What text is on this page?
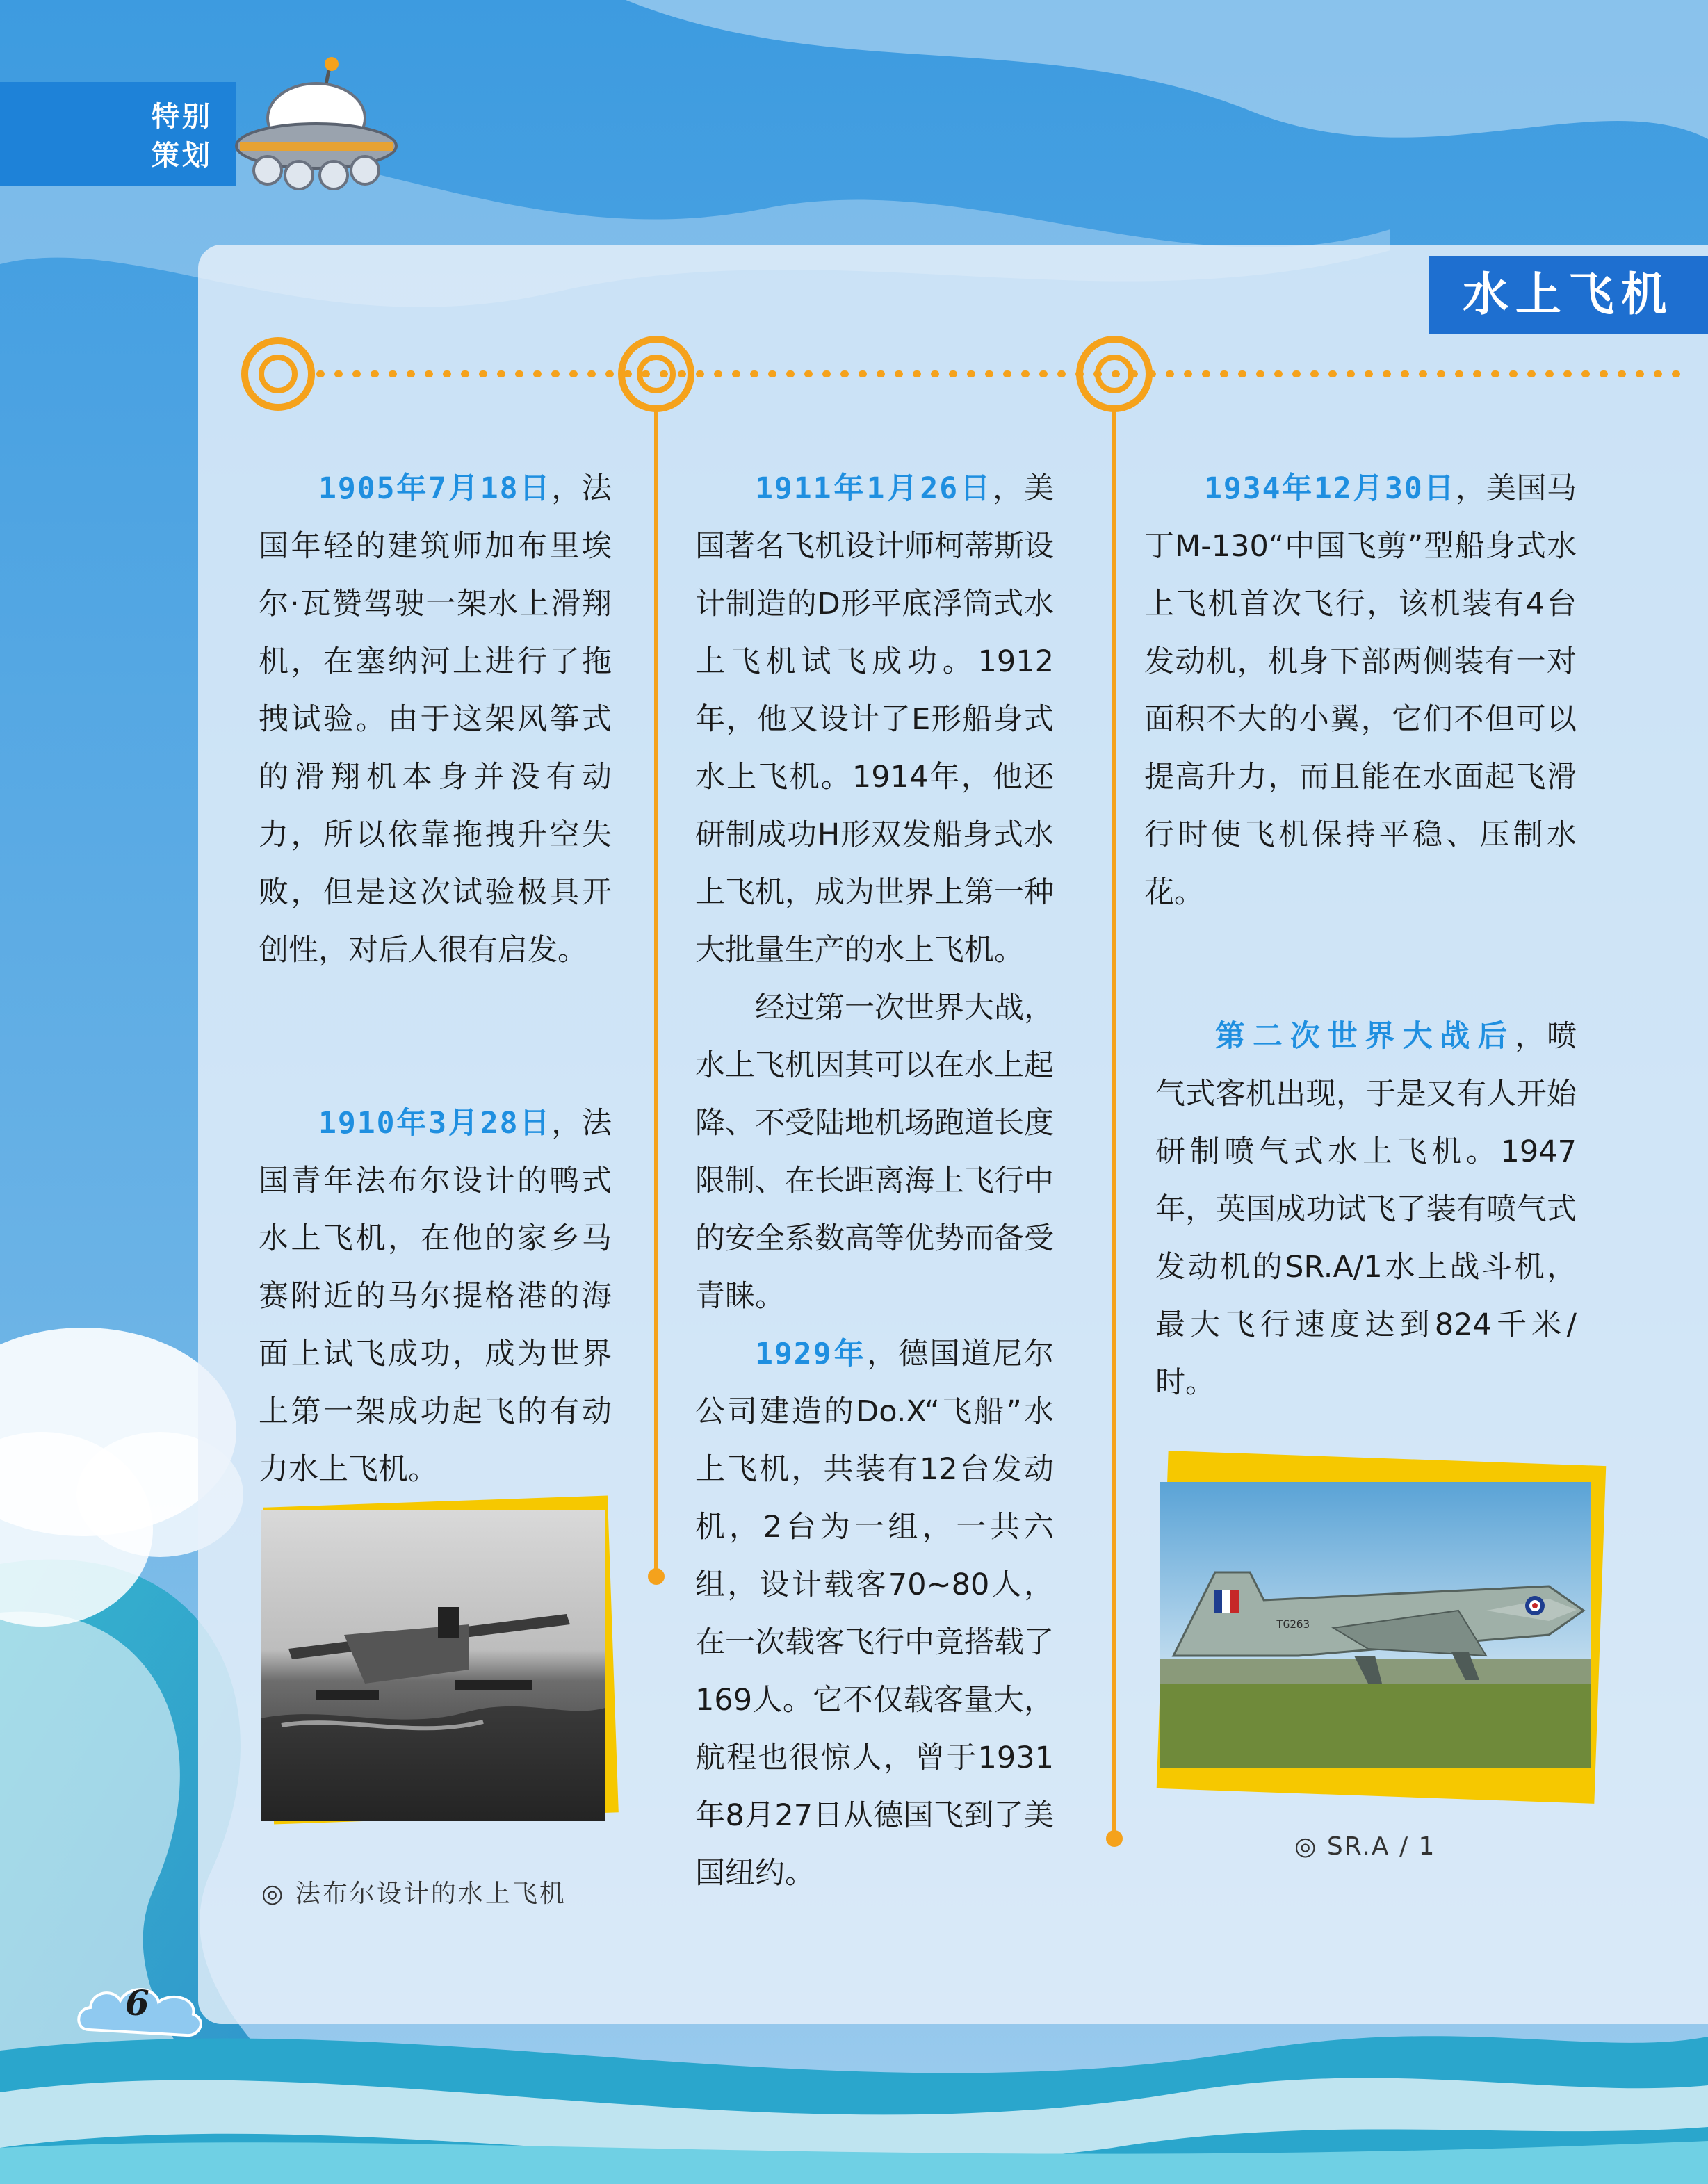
特别
策划
水上飞机

1905年7月18日，法国年轻的建筑师加布里埃尔·瓦赞驾驶一架水上滑翔机，在塞纳河上进行了拖拽试验。由于这架风筝式的滑翔机本身并没有动力，所以依靠拖拽升空失败，但是这次试验极具开创性，对后人很有启发。

1910年3月28日，法国青年法布尔设计的鸭式水上飞机，在他的家乡马赛附近的马尔提格港的海面上试飞成功，成为世界上第一架成功起飞的有动力水上飞机。

◎ 法布尔设计的水上飞机

1911年1月26日，美国著名飞机设计师柯蒂斯设计制造的D形平底浮筒式水上飞机试飞成功。1912年，他又设计了E形船身式水上飞机。1914年，他还研制成功H形双发船身式水上飞机，成为世界上第一种大批量生产的水上飞机。

经过第一次世界大战，水上飞机因其可以在水上起降、不受陆地机场跑道长度限制、在长距离海上飞行中的安全系数高等优势而备受青睐。

1929年，德国道尼尔公司建造的Do.X“飞船”水上飞机，共装有12台发动机，2台为一组，一共六组，设计载客70~80人，在一次载客飞行中竟搭载了169人。它不仅载客量大，航程也很惊人，曾于1931年8月27日从德国飞到了美国纽约。

1934年12月30日，美国马丁M-130“中国飞剪”型船身式水上飞机首次飞行，该机装有4台发动机，机身下部两侧装有一对面积不大的小翼，它们不但可以提高升力，而且能在水面起飞滑行时使飞机保持平稳、压制水花。

第二次世界大战后，喷气式客机出现，于是又有人开始研制喷气式水上飞机。1947年，英国成功试飞了装有喷气式发动机的SR.A/1水上战斗机，最大飞行速度达到824千米/时。

TG263
◎ SR.A / 1
6
